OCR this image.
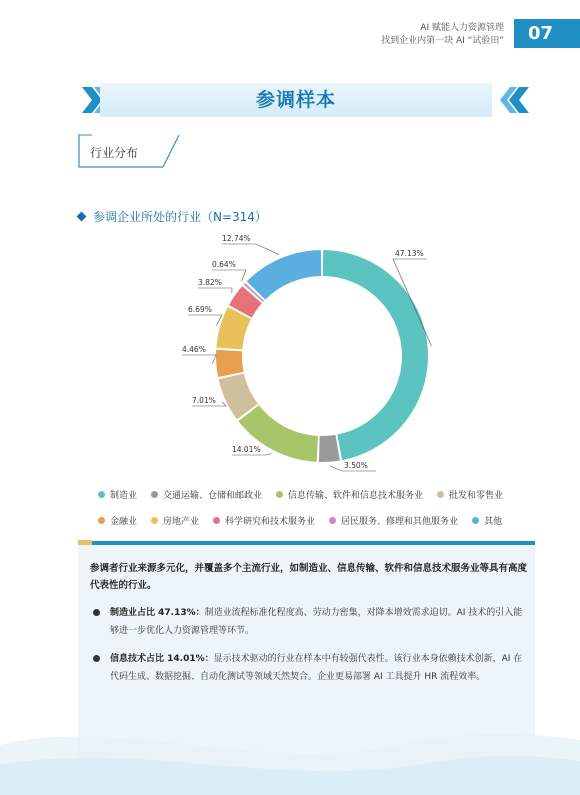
AI 赋能人力资源管理
找到企业内第一块 AI “试验田”	07
参调样本
行业分布
参调企业所处的行业（N=314）
47.13%
3.50%
14.01%
7.01%
4.46%
6.69%
3.82%
0.64%
12.74%
制造业	交通运输、仓储和邮政业	信息传输、软件和信息技术服务业	批发和零售业
金融业	房地产业	科学研究和技术服务业	居民服务、修理和其他服务业	其他
参调者行业来源多元化，并覆盖多个主流行业，如制造业、信息传输、软件和信息技术服务业等具有高度代表性的行业。
制造业占比 47.13%：制造业流程标准化程度高、劳动力密集，对降本增效需求迫切。AI 技术的引入能够进一步优化人力资源管理等环节。
信息技术占比 14.01%：显示技术驱动的行业在样本中有较强代表性。该行业本身依赖技术创新，AI 在代码生成、数据挖掘、自动化测试等领域天然契合。企业更易部署 AI 工具提升 HR 流程效率。
